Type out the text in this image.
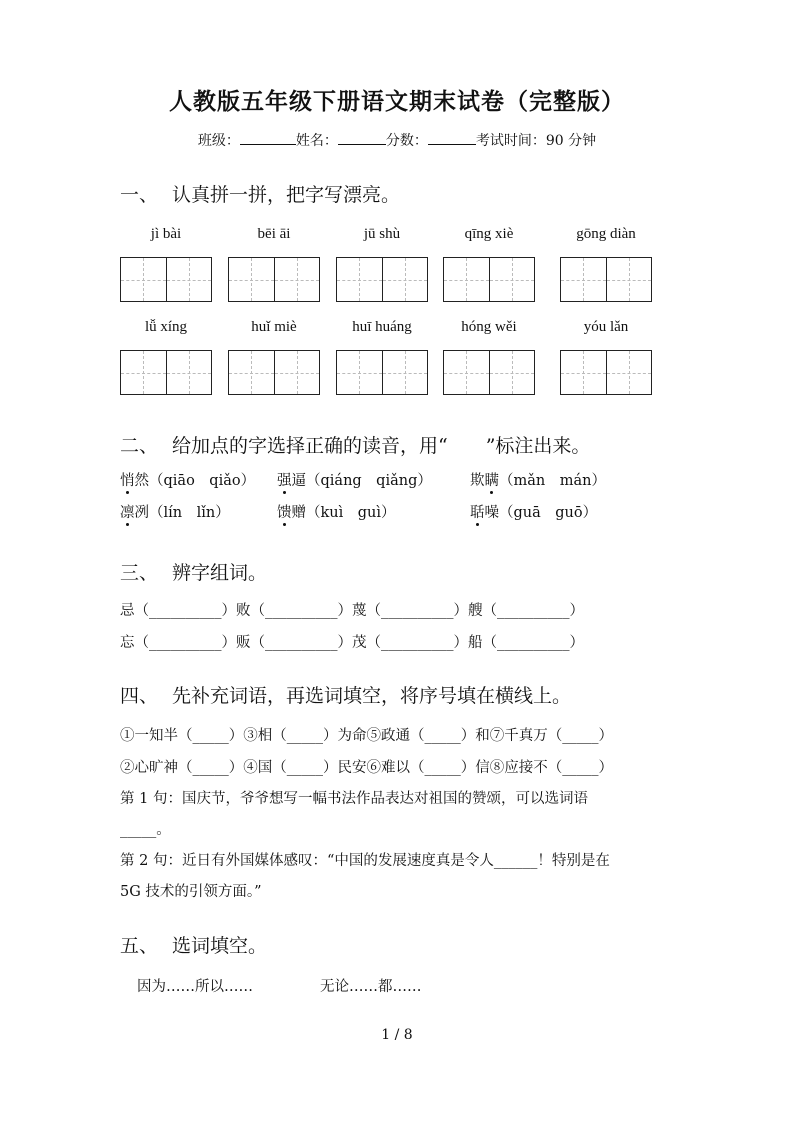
人教版五年级下册语文期末试卷（完整版）
班级：	姓名：	分数：	考试时间：90 分钟
一、 认真拼一拼，把字写漂亮。
jì bài	bēi āi	jū shù	qīng xiè	gōng diàn
lǚ xíng	huǐ miè	huī huáng	hóng wěi	yóu lǎn
二、 给加点的字选择正确的读音，用“　　”标注出来。
悄然（qiāo　qiǎo） 强逼（qiáng　qiǎng）	欺瞒（mǎn　mán）
凛冽（lín　lǐn）	馈赠（kuì　guì）	聒噪（guā　guō）
三、 辨字组词。
忌（__________）败（__________）蔑（__________）艘（__________）
忘（__________）贩（__________）茂（__________）船（__________）
四、 先补充词语，再选词填空，将序号填在横线上。
①一知半（_____）③相（_____）为命⑤政通（_____）和⑦千真万（_____）
②心旷神（_____）④国（_____）民安⑥难以（_____）信⑧应接不（_____）
第 1 句：国庆节，爷爷想写一幅书法作品表达对祖国的赞颂，可以选词语
_____。
第 2 句：近日有外国媒体感叹：“中国的发展速度真是令人______！特别是在
5G 技术的引领方面。”
五、 选词填空。
因为……所以……	无论……都……
1 / 8
